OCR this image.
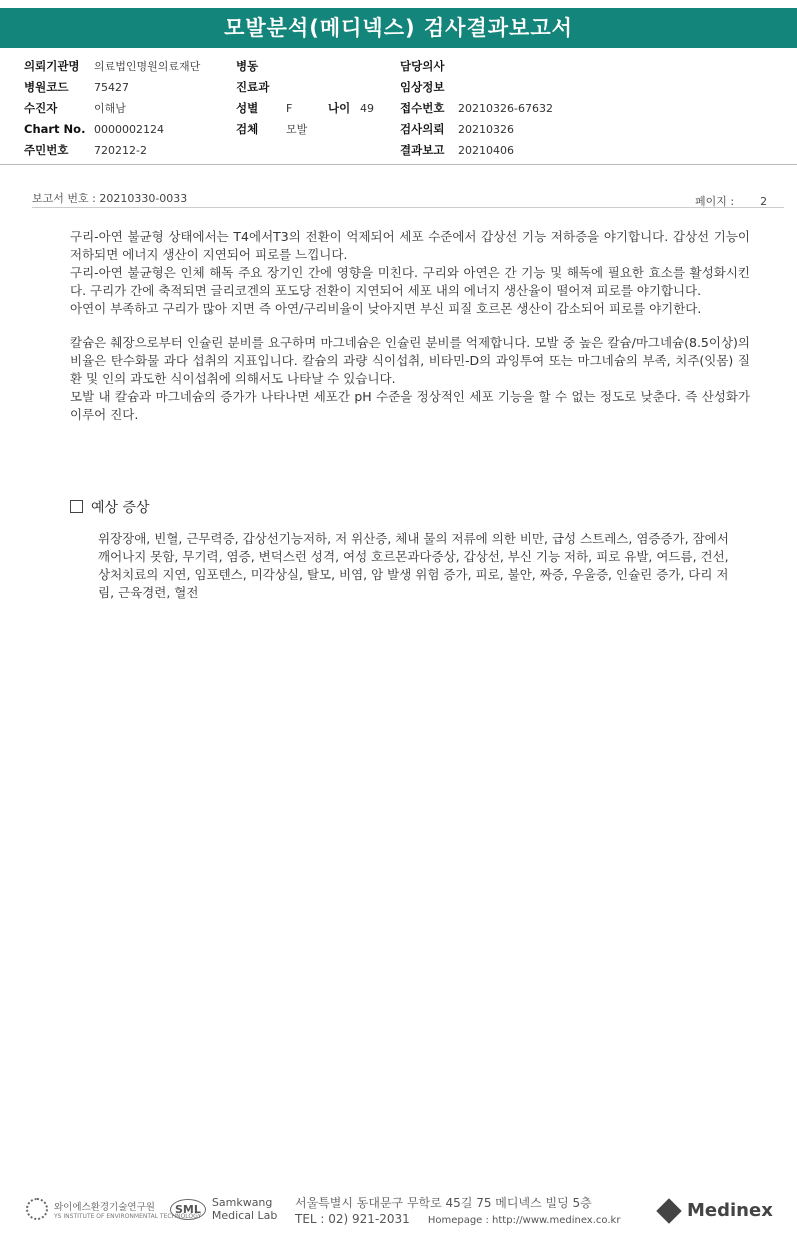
모발분석(메디넥스) 검사결과보고서
의뢰기관명 의료법인명원의료재단	병동	담당의사
병원코드 75427	진료과	임상정보
수진자	이해남	성별	F	나이 49 접수번호 20210326-67632
Chart No. 0000002124	검체	모발	검사의뢰 20210326
주민번호 720212-2	결과보고 20210406
보고서 번호 : 20210330-0033	페이지 : 2

구리-아연 불균형 상태에서는 T4에서T3의 전환이 억제되어 세포 수준에서 갑상선 기능 저하증을 야기합니다. 갑상선 기능이 저하되면 에너지 생산이 지연되어 피로를 느낍니다.

구리-아연 불균형은 인체 해독 주요 장기인 간에 영향을 미친다. 구리와 아연은 간 기능 및 해독에 필요한 효소를 활성화시킨다. 구리가 간에 축적되면 글리코겐의 포도당 전환이 지연되어 세포 내의 에너지 생산율이 떨어져 피로를 야기합니다.

아연이 부족하고 구리가 많아 지면 즉 아연/구리비율이 낮아지면 부신 피질 호르몬 생산이 감소되어 피로를 야기한다.

칼슘은 췌장으로부터 인슐린 분비를 요구하며 마그네슘은 인슐린 분비를 억제합니다. 모발 중 높은 칼슘/마그네슘(8.5이상)의 비율은 탄수화물 과다 섭취의 지표입니다. 칼슘의 과량 식이섭취, 비타민-D의 과잉투여 또는 마그네슘의 부족, 치주(잇몸) 질환 및 인의 과도한 식이섭취에 의해서도 나타날 수 있습니다.

모발 내 칼슘과 마그네슘의 증가가 나타나면 세포간 pH 수준을 정상적인 세포 기능을 할 수 없는 정도로 낮춘다. 즉 산성화가 이루어 진다.

예상 증상
위장장애, 빈혈, 근무력증, 갑상선기능저하, 저 위산증, 체내 물의 저류에 의한 비만, 급성 스트레스, 염증증가, 잠에서 깨어나지 못함, 무기력, 염증, 변덕스런 성격, 여성 호르몬과다증상, 갑상선, 부신 기능 저하, 피로 유발, 여드름, 건선, 상처치료의 지연, 임포텐스, 미각상실, 탈모, 비염, 암 발생 위험 증가, 피로, 불안, 짜증, 우울증, 인슐린 증가, 다리 저림, 근육경련, 혈전
와이에스환경기술연구원
YS INSTITUTE OF ENVIRONMENTAL TECHNOLOGY
SML	Samkwang
Medical Lab
서울특별시 동대문구 무학로 45길 75 메디넥스 빌딩 5층
TEL : 02) 921-2031 Homepage : http://www.medinex.co.kr	Medinex
